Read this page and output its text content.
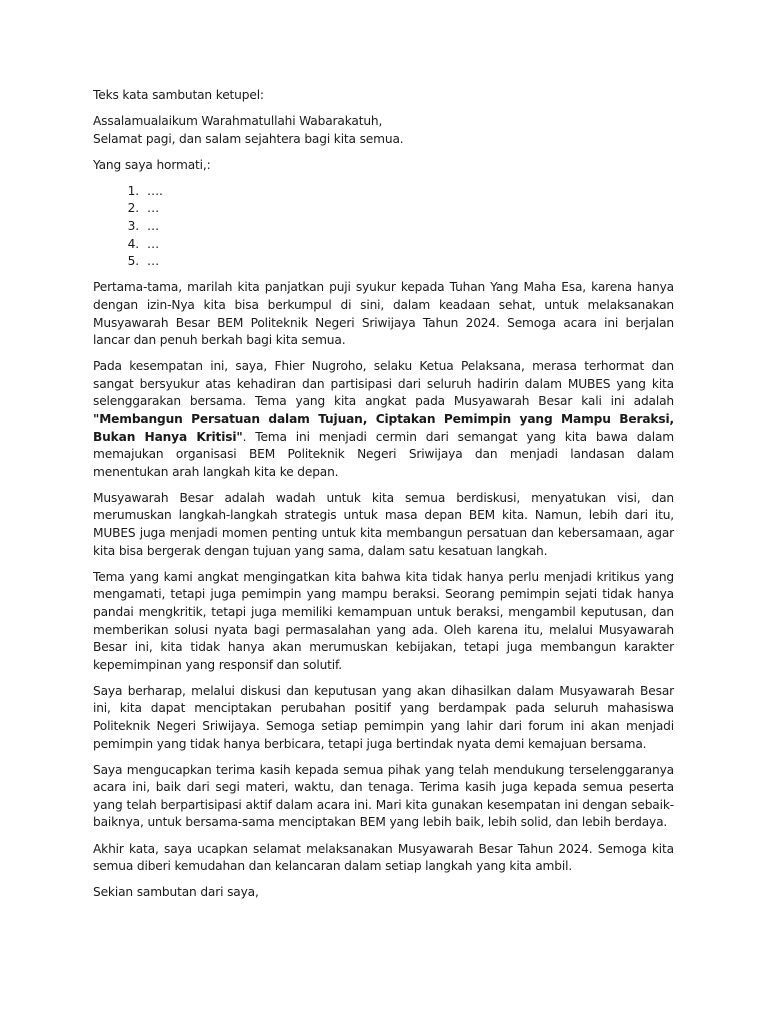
Teks kata sambutan ketupel:

Assalamualaikum Warahmatullahi Wabarakatuh,
Selamat pagi, dan salam sejahtera bagi kita semua.

Yang saya hormati,:

1. ….
2. …
3. …
4. …
5. …

Pertama-tama, marilah kita panjatkan puji syukur kepada Tuhan Yang Maha Esa, karena hanya dengan izin-Nya kita bisa berkumpul di sini, dalam keadaan sehat, untuk melaksanakan Musyawarah Besar BEM Politeknik Negeri Sriwijaya Tahun 2024. Semoga acara ini berjalan lancar dan penuh berkah bagi kita semua.

Pada kesempatan ini, saya, Fhier Nugroho, selaku Ketua Pelaksana, merasa terhormat dan sangat bersyukur atas kehadiran dan partisipasi dari seluruh hadirin dalam MUBES yang kita selenggarakan bersama. Tema yang kita angkat pada Musyawarah Besar kali ini adalah "Membangun Persatuan dalam Tujuan, Ciptakan Pemimpin yang Mampu Beraksi, Bukan Hanya Kritisi". Tema ini menjadi cermin dari semangat yang kita bawa dalam memajukan organisasi BEM Politeknik Negeri Sriwijaya dan menjadi landasan dalam menentukan arah langkah kita ke depan.

Musyawarah Besar adalah wadah untuk kita semua berdiskusi, menyatukan visi, dan merumuskan langkah-langkah strategis untuk masa depan BEM kita. Namun, lebih dari itu, MUBES juga menjadi momen penting untuk kita membangun persatuan dan kebersamaan, agar kita bisa bergerak dengan tujuan yang sama, dalam satu kesatuan langkah.

Tema yang kami angkat mengingatkan kita bahwa kita tidak hanya perlu menjadi kritikus yang mengamati, tetapi juga pemimpin yang mampu beraksi. Seorang pemimpin sejati tidak hanya pandai mengkritik, tetapi juga memiliki kemampuan untuk beraksi, mengambil keputusan, dan memberikan solusi nyata bagi permasalahan yang ada. Oleh karena itu, melalui Musyawarah Besar ini, kita tidak hanya akan merumuskan kebijakan, tetapi juga membangun karakter kepemimpinan yang responsif dan solutif.

Saya berharap, melalui diskusi dan keputusan yang akan dihasilkan dalam Musyawarah Besar ini, kita dapat menciptakan perubahan positif yang berdampak pada seluruh mahasiswa Politeknik Negeri Sriwijaya. Semoga setiap pemimpin yang lahir dari forum ini akan menjadi pemimpin yang tidak hanya berbicara, tetapi juga bertindak nyata demi kemajuan bersama.

Saya mengucapkan terima kasih kepada semua pihak yang telah mendukung terselenggaranya acara ini, baik dari segi materi, waktu, dan tenaga. Terima kasih juga kepada semua peserta yang telah berpartisipasi aktif dalam acara ini. Mari kita gunakan kesempatan ini dengan sebaik-baiknya, untuk bersama-sama menciptakan BEM yang lebih baik, lebih solid, dan lebih berdaya.

Akhir kata, saya ucapkan selamat melaksanakan Musyawarah Besar Tahun 2024. Semoga kita semua diberi kemudahan dan kelancaran dalam setiap langkah yang kita ambil.

Sekian sambutan dari saya,
